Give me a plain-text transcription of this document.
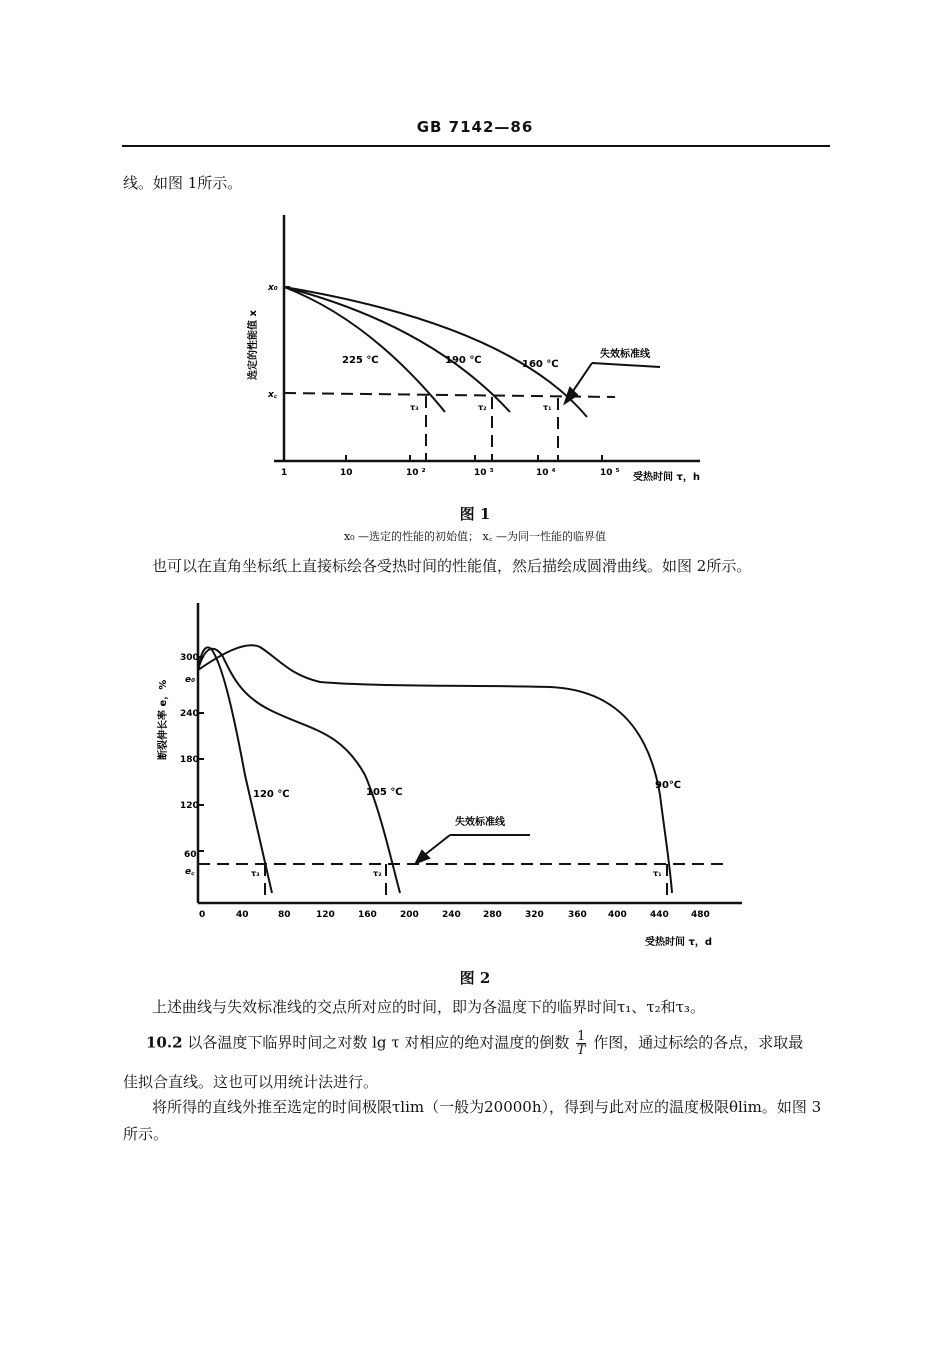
GB 7142—86
线。如图 1所示。
x₀
x꜀
选定的性能值 x
1	10	10 ²	10 ³	10 ⁴	10 ⁵ 受热时间 τ，h
225 ℃	190 ℃	160 ℃
τ₃	τ₂	τ₁
失效标准线
图 1
x₀ —选定的性能的初始值； x꜀ —为同一性能的临界值
也可以在直角坐标纸上直接标绘各受热时间的性能值，然后描绘成圆滑曲线。如图 2所示。
300
240
180
120
60
e₀
e꜀
断裂伸长率 e，%
0	40	80	120	160	200	240 280	320	360 400	440 480
受热时间 τ，d
120 ℃	105 ℃
90℃
τ₃	τ₂	τ₁
失效标准线
图 2
上述曲线与失效标准线的交点所对应的时间，即为各温度下的临界时间τ₁、τ₂和τ₃。
10.2 以各温度下临界时间之对数 lg τ 对相应的绝对温度的倒数 $\frac{1}{T}$ 作图，通过标绘的各点，求取最
佳拟合直线。这也可以用统计法进行。
将所得的直线外推至选定的时间极限τlim（一般为20000h），得到与此对应的温度极限θlim。如图 3
所示。
